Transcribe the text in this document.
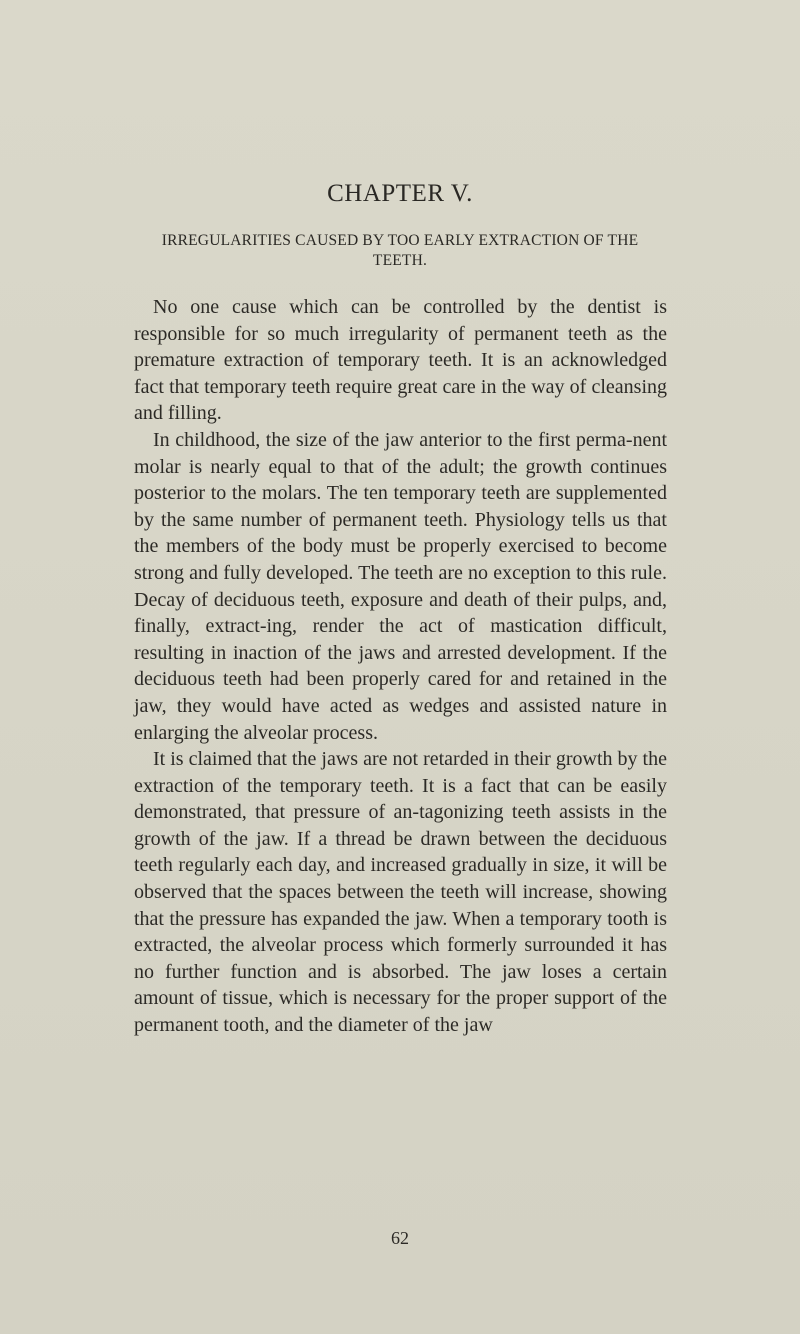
CHAPTER V.
IRREGULARITIES CAUSED BY TOO EARLY EXTRACTION OF THE TEETH.

No one cause which can be controlled by the dentist is responsible for so much irregularity of permanent teeth as the premature extraction of temporary teeth. It is an acknowledged fact that temporary teeth require great care in the way of cleansing and filling.

In childhood, the size of the jaw anterior to the first perma-nent molar is nearly equal to that of the adult; the growth continues posterior to the molars. The ten temporary teeth are supplemented by the same number of permanent teeth. Physiology tells us that the members of the body must be properly exercised to become strong and fully developed. The teeth are no exception to this rule. Decay of deciduous teeth, exposure and death of their pulps, and, finally, extract-ing, render the act of mastication difficult, resulting in inaction of the jaws and arrested development. If the deciduous teeth had been properly cared for and retained in the jaw, they would have acted as wedges and assisted nature in enlarging the alveolar process.

It is claimed that the jaws are not retarded in their growth by the extraction of the temporary teeth. It is a fact that can be easily demonstrated, that pressure of an-tagonizing teeth assists in the growth of the jaw. If a thread be drawn between the deciduous teeth regularly each day, and increased gradually in size, it will be observed that the spaces between the teeth will increase, showing that the pressure has expanded the jaw. When a temporary tooth is extracted, the alveolar process which formerly surrounded it has no further function and is absorbed. The jaw loses a certain amount of tissue, which is necessary for the proper support of the permanent tooth, and the diameter of the jaw

62
